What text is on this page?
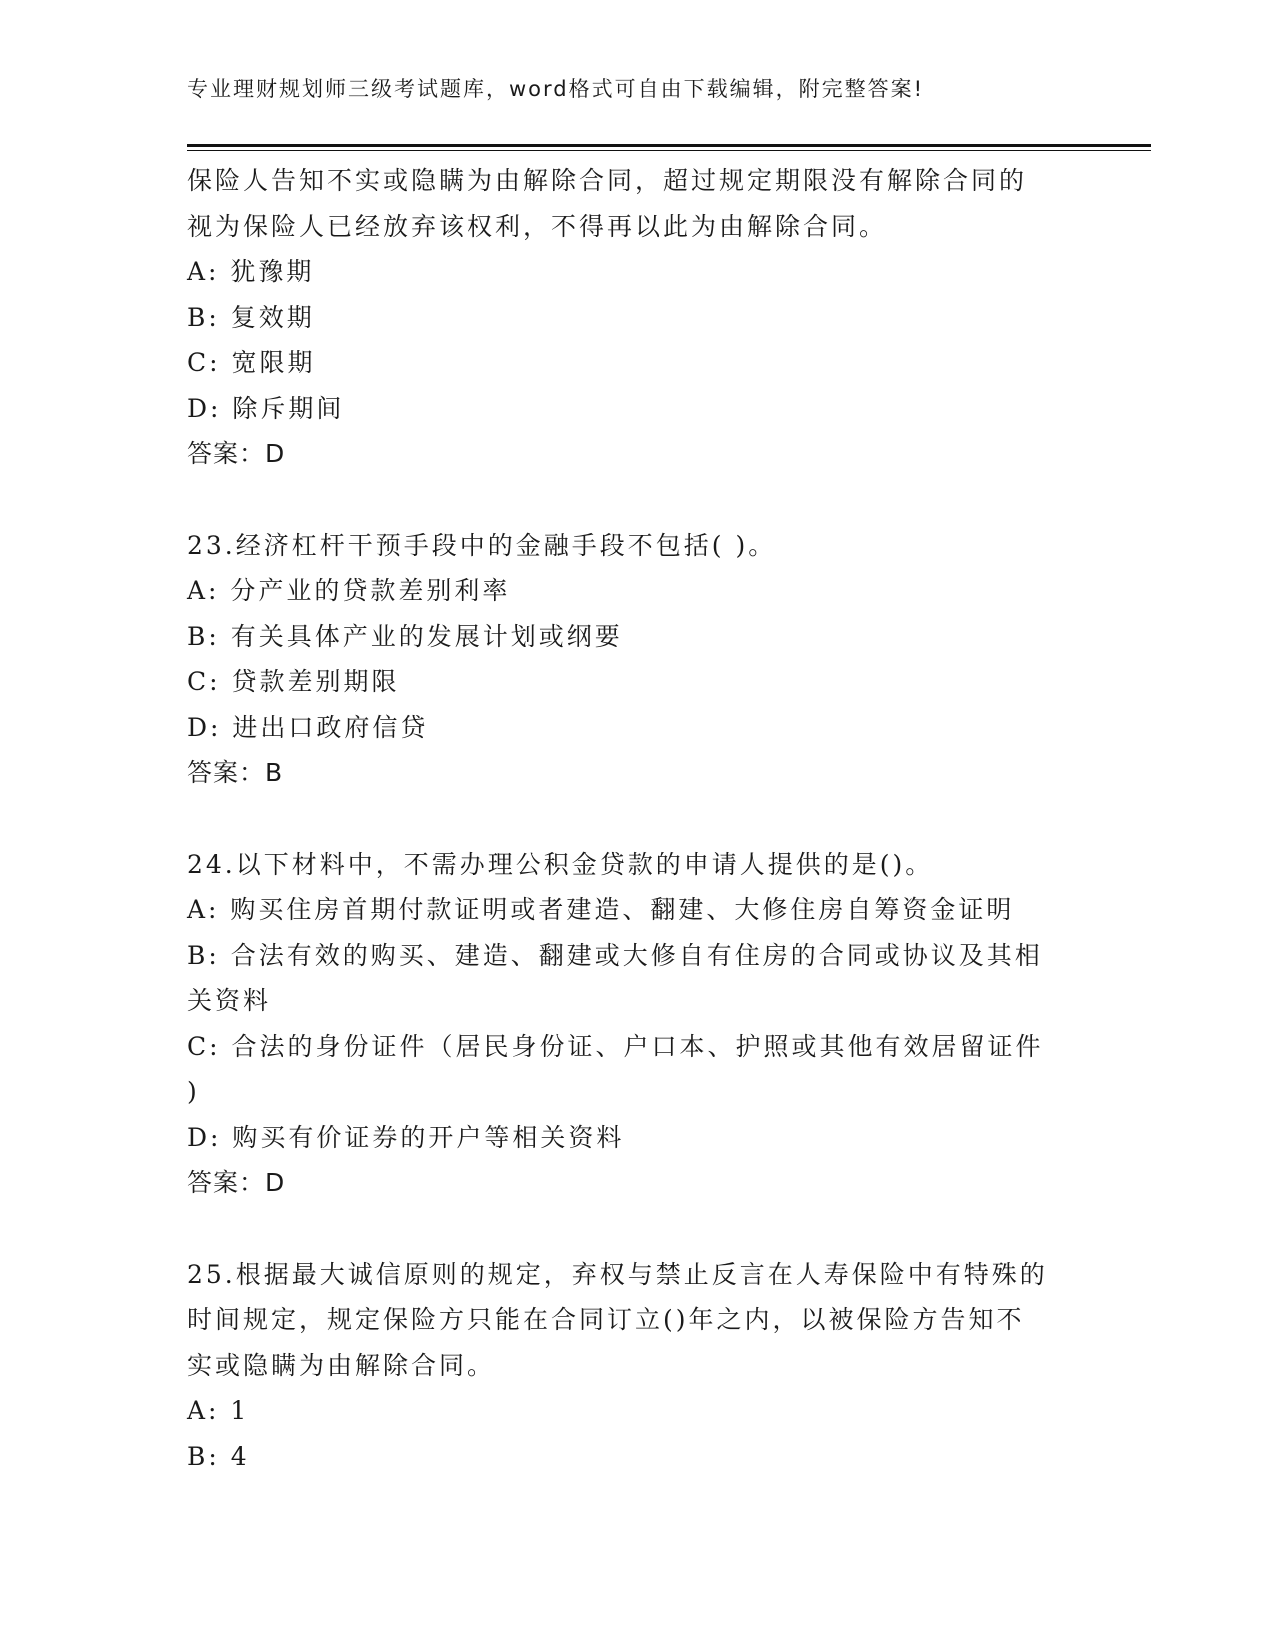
专业理财规划师三级考试题库，word格式可自由下载编辑，附完整答案!
保险人告知不实或隐瞒为由解除合同，超过规定期限没有解除合同的
视为保险人已经放弃该权利，不得再以此为由解除合同。
A: 犹豫期
B: 复效期
C: 宽限期
D: 除斥期间
答案：D
23.经济杠杆干预手段中的金融手段不包括( )。
A: 分产业的贷款差别利率
B: 有关具体产业的发展计划或纲要
C: 贷款差别期限
D: 进出口政府信贷
答案：B
24.以下材料中，不需办理公积金贷款的申请人提供的是()。
A: 购买住房首期付款证明或者建造、翻建、大修住房自筹资金证明
B: 合法有效的购买、建造、翻建或大修自有住房的合同或协议及其相
关资料
C: 合法的身份证件（居民身份证、户口本、护照或其他有效居留证件
)
D: 购买有价证券的开户等相关资料
答案：D
25.根据最大诚信原则的规定，弃权与禁止反言在人寿保险中有特殊的
时间规定，规定保险方只能在合同订立()年之内，以被保险方告知不
实或隐瞒为由解除合同。
A: 1
B: 4
